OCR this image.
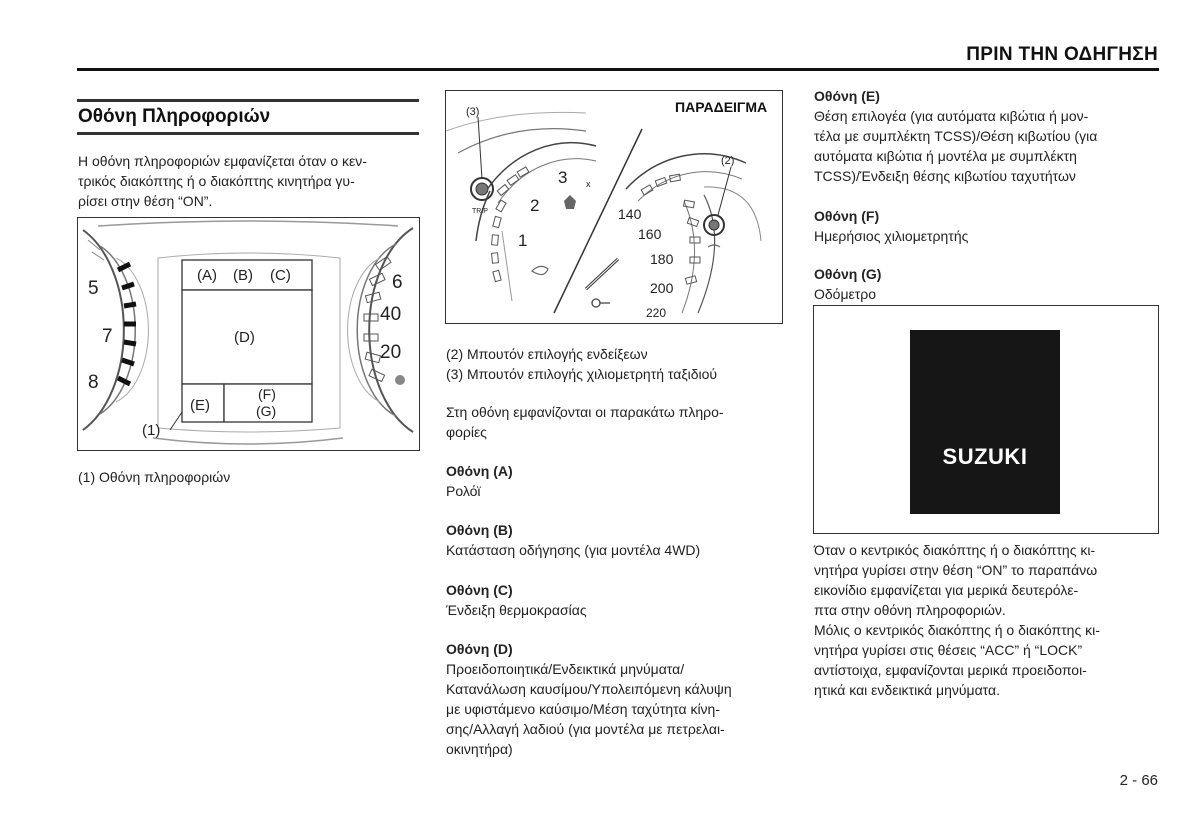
ΠΡΙΝ ΤΗΝ ΟΔΗΓΗΣΗ
Οθόνη Πληροφοριών

Η οθόνη πληροφοριών εμφανίζεται όταν ο κεν-

τρικός διακόπτης ή ο διακόπτης κινητήρα γυ-

ρίσει στην θέση “ON”.

5
7
8
6
40
20
(A) (B) (C)
(D)
(E)
(F)
(G)
(1)
(1) Οθόνη πληροφοριών
ΠΑΡΑΔΕΙΓΜΑ
1
2
3 x
(3)
TRIP	140
160
180
200
220
(2)

(2) Μπουτόν επιλογής ενδείξεων

(3) Μπουτόν επιλογής χιλιομετρητή ταξιδιού

Στη οθόνη εμφανίζονται οι παρακάτω πληρο-

φορίες

Οθόνη (A)
Ρολόϊ
Οθόνη (B)
Κατάσταση οδήγησης (για μοντέλα 4WD)
Οθόνη (C)
Ένδειξη θερμοκρασίας
Οθόνη (D)
Προειδοποιητικά/Ενδεικτικά μηνύματα/
Κατανάλωση καυσίμου/Υπολειπόμενη κάλυψη
με υφιστάμενο καύσιμο/Μέση ταχύτητα κίνη-
σης/Αλλαγή λαδιού (για μοντέλα με πετρελαι-
οκινητήρα)
Οθόνη (E)
Θέση επιλογέα (για αυτόματα κιβώτια ή μον-
τέλα με συμπλέκτη TCSS)/Θέση κιβωτίου (για
αυτόματα κιβώτια ή μοντέλα με συμπλέκτη
TCSS)/Ένδειξη θέσης κιβωτίου ταχυτήτων
Οθόνη (F)
Ημερήσιος χιλιομετρητής
Οθόνη (G)
Οδόμετρο
SUZUKI

Όταν ο κεντρικός διακόπτης ή ο διακόπτης κι-

νητήρα γυρίσει στην θέση “ON” το παραπάνω

εικονίδιο εμφανίζεται για μερικά δευτερόλε-

πτα στην οθόνη πληροφοριών.

Μόλις ο κεντρικός διακόπτης ή ο διακόπτης κι-

νητήρα γυρίσει στις θέσεις “ACC” ή “LOCK”

αντίστοιχα, εμφανίζονται μερικά προειδοποι-

ητικά και ενδεικτικά μηνύματα.

2 - 66
